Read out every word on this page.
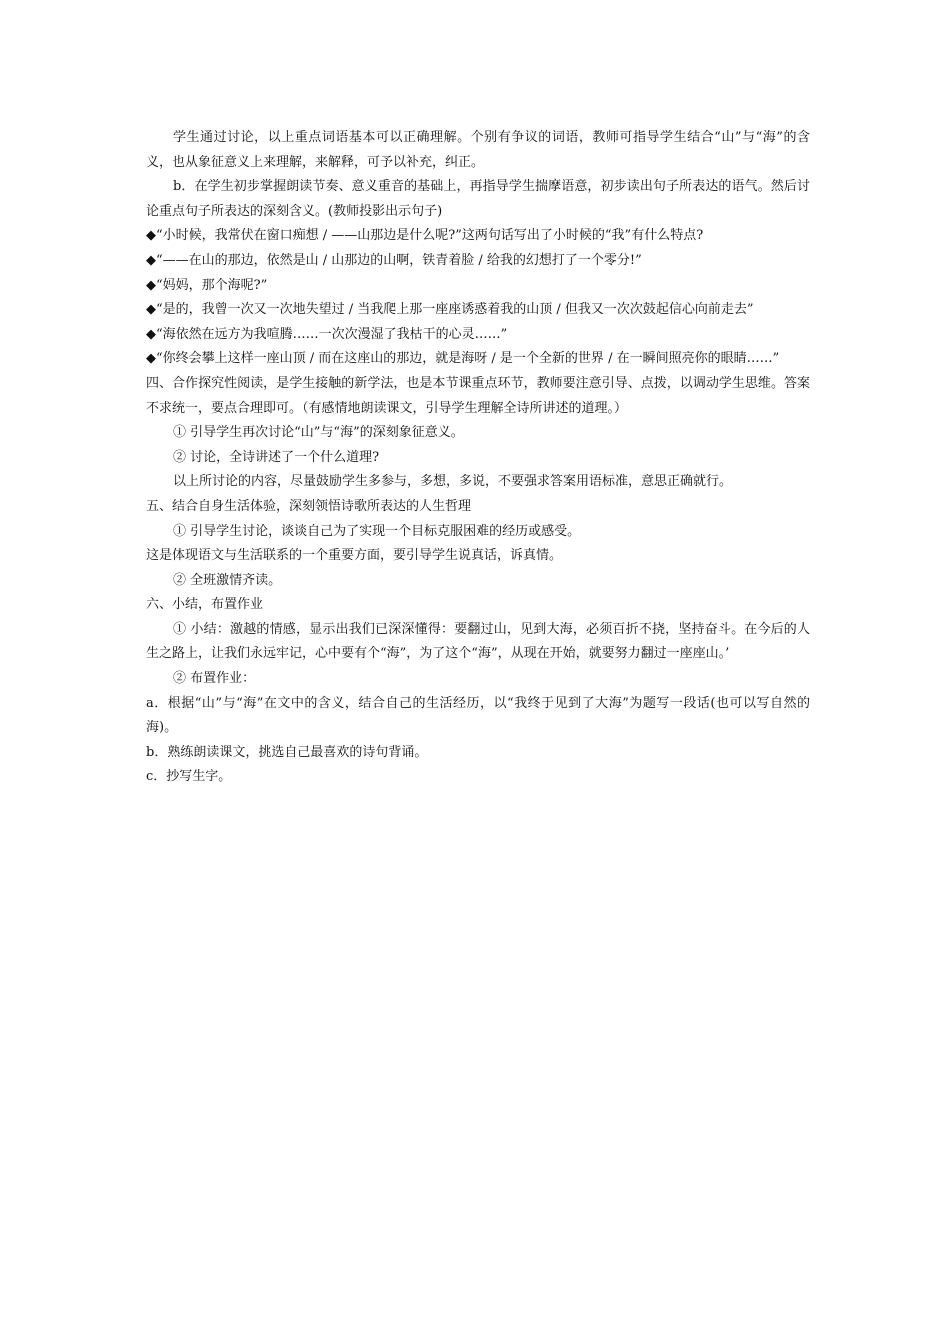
学生通过讨论，以上重点词语基本可以正确理解。个别有争议的词语，教师可指导学生结合“山”与“海”的含义，也从象征意义上来理解，来解释，可予以补充，纠正。

b．在学生初步掌握朗读节奏、意义重音的基础上，再指导学生揣摩语意，初步读出句子所表达的语气。然后讨论重点句子所表达的深刻含义。(教师投影出示句子)

◆“小时候，我常伏在窗口痴想 / ——山那边是什么呢?”这两句话写出了小时候的“我”有什么特点?

◆“——在山的那边，依然是山 / 山那边的山啊，铁青着脸 / 给我的幻想打了一个零分!”

◆“妈妈，那个海呢?”

◆“是的，我曾一次又一次地失望过 / 当我爬上那一座座诱惑着我的山顶 / 但我又一次次鼓起信心向前走去”

◆“海依然在远方为我喧腾……一次次漫湿了我枯干的心灵……”

◆“你终会攀上这样一座山顶 / 而在这座山的那边，就是海呀 / 是一个全新的世界 / 在一瞬间照亮你的眼睛……”

四、合作探究性阅读，是学生接触的新学法，也是本节课重点环节，教师要注意引导、点拨，以调动学生思维。答案不求统一，要点合理即可。（有感情地朗读课文，引导学生理解全诗所讲述的道理。）

① 引导学生再次讨论“山”与“海”的深刻象征意义。

② 讨论，全诗讲述了一个什么道理?

以上所讨论的内容，尽量鼓励学生多参与，多想，多说，不要强求答案用语标准，意思正确就行。

五、结合自身生活体验，深刻领悟诗歌所表达的人生哲理

① 引导学生讨论，谈谈自己为了实现一个目标克服困难的经历或感受。

这是体现语文与生活联系的一个重要方面，要引导学生说真话，诉真情。

② 全班激情齐读。

六、小结，布置作业

① 小结：激越的情感，显示出我们已深深懂得：要翻过山，见到大海，必须百折不挠，坚持奋斗。在今后的人生之路上，让我们永远牢记，心中要有个“海”，为了这个“海”，从现在开始，就要努力翻过一座座山。’

② 布置作业：

a．根据“山”与“海”在文中的含义，结合自己的生活经历，以“我终于见到了大海”为题写一段话(也可以写自然的海)。

b．熟练朗读课文，挑选自己最喜欢的诗句背诵。

c．抄写生字。
